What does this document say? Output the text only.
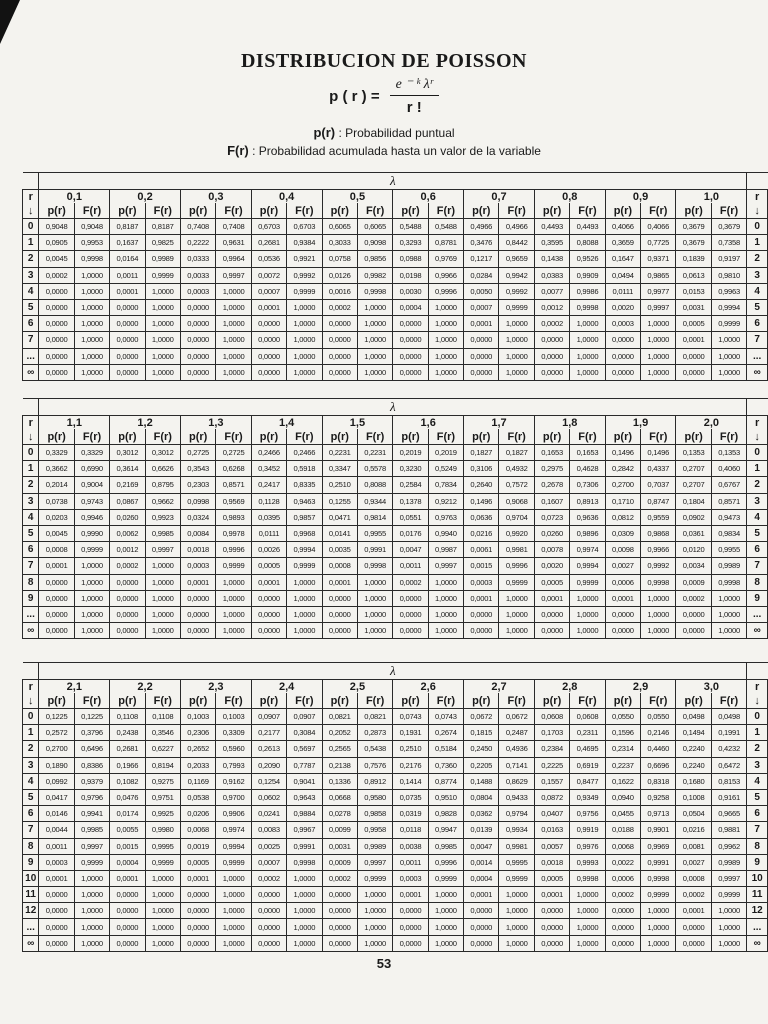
DISTRIBUCION DE POISSON
p ( r ) = $\frac{\text{e ⁻ ᵏ λʳ}}{r !}$
p(r) : Probabilidad puntual
F(r) : Probabilidad acumulada hasta un valor de la variable
	λ																				
r	0,1		0,2		0,3		0,4		0,5		0,6		0,7		0,8		0,9		1,0		r
↓	p(r)	F(r)	p(r)	F(r)	p(r)	F(r)	p(r)	F(r)	p(r)	F(r)	p(r)	F(r)	p(r)	F(r)	p(r)	F(r)	p(r)	F(r)	p(r)	F(r)	↓
0	0,9048	0,9048	0,8187	0,8187	0,7408	0,7408	0,6703	0,6703	0,6065	0,6065	0,5488	0,5488	0,4966	0,4966	0,4493	0,4493	0,4066	0,4066	0,3679	0,3679	0
1	0,0905	0,9953	0,1637	0,9825	0,2222	0,9631	0,2681	0,9384	0,3033	0,9098	0,3293	0,8781	0,3476	0,8442	0,3595	0,8088	0,3659	0,7725	0,3679	0,7358	1
2	0,0045	0,9998	0,0164	0,9989	0,0333	0,9964	0,0536	0,9921	0,0758	0,9856	0,0988	0,9769	0,1217	0,9659	0,1438	0,9526	0,1647	0,9371	0,1839	0,9197	2
3	0,0002	1,0000	0,0011	0,9999	0,0033	0,9997	0,0072	0,9992	0,0126	0,9982	0,0198	0,9966	0,0284	0,9942	0,0383	0,9909	0,0494	0,9865	0,0613	0,9810	3
4	0,0000	1,0000	0,0001	1,0000	0,0003	1,0000	0,0007	0,9999	0,0016	0,9998	0,0030	0,9996	0,0050	0,9992	0,0077	0,9986	0,0111	0,9977	0,0153	0,9963	4
5	0,0000	1,0000	0,0000	1,0000	0,0000	1,0000	0,0001	1,0000	0,0002	1,0000	0,0004	1,0000	0,0007	0,9999	0,0012	0,9998	0,0020	0,9997	0,0031	0,9994	5
6	0,0000	1,0000	0,0000	1,0000	0,0000	1,0000	0,0000	1,0000	0,0000	1,0000	0,0000	1,0000	0,0001	1,0000	0,0002	1,0000	0,0003	1,0000	0,0005	0,9999	6
7	0,0000	1,0000	0,0000	1,0000	0,0000	1,0000	0,0000	1,0000	0,0000	1,0000	0,0000	1,0000	0,0000	1,0000	0,0000	1,0000	0,0000	1,0000	0,0001	1,0000	7
...	0,0000	1,0000	0,0000	1,0000	0,0000	1,0000	0,0000	1,0000	0,0000	1,0000	0,0000	1,0000	0,0000	1,0000	0,0000	1,0000	0,0000	1,0000	0,0000	1,0000	...
∞	0,0000	1,0000	0,0000	1,0000	0,0000	1,0000	0,0000	1,0000	0,0000	1,0000	0,0000	1,0000	0,0000	1,0000	0,0000	1,0000	0,0000	1,0000	0,0000	1,0000	∞
	λ																				
r	1,1		1,2		1,3		1,4		1,5		1,6		1,7		1,8		1,9		2,0		r
↓	p(r)	F(r)	p(r)	F(r)	p(r)	F(r)	p(r)	F(r)	p(r)	F(r)	p(r)	F(r)	p(r)	F(r)	p(r)	F(r)	p(r)	F(r)	p(r)	F(r)	↓
0	0,3329	0,3329	0,3012	0,3012	0,2725	0,2725	0,2466	0,2466	0,2231	0,2231	0,2019	0,2019	0,1827	0,1827	0,1653	0,1653	0,1496	0,1496	0,1353	0,1353	0
1	0,3662	0,6990	0,3614	0,6626	0,3543	0,6268	0,3452	0,5918	0,3347	0,5578	0,3230	0,5249	0,3106	0,4932	0,2975	0,4628	0,2842	0,4337	0,2707	0,4060	1
2	0,2014	0,9004	0,2169	0,8795	0,2303	0,8571	0,2417	0,8335	0,2510	0,8088	0,2584	0,7834	0,2640	0,7572	0,2678	0,7306	0,2700	0,7037	0,2707	0,6767	2
3	0,0738	0,9743	0,0867	0,9662	0,0998	0,9569	0,1128	0,9463	0,1255	0,9344	0,1378	0,9212	0,1496	0,9068	0,1607	0,8913	0,1710	0,8747	0,1804	0,8571	3
4	0,0203	0,9946	0,0260	0,9923	0,0324	0,9893	0,0395	0,9857	0,0471	0,9814	0,0551	0,9763	0,0636	0,9704	0,0723	0,9636	0,0812	0,9559	0,0902	0,9473	4
5	0,0045	0,9990	0,0062	0,9985	0,0084	0,9978	0,0111	0,9968	0,0141	0,9955	0,0176	0,9940	0,0216	0,9920	0,0260	0,9896	0,0309	0,9868	0,0361	0,9834	5
6	0,0008	0,9999	0,0012	0,9997	0,0018	0,9996	0,0026	0,9994	0,0035	0,9991	0,0047	0,9987	0,0061	0,9981	0,0078	0,9974	0,0098	0,9966	0,0120	0,9955	6
7	0,0001	1,0000	0,0002	1,0000	0,0003	0,9999	0,0005	0,9999	0,0008	0,9998	0,0011	0,9997	0,0015	0,9996	0,0020	0,9994	0,0027	0,9992	0,0034	0,9989	7
8	0,0000	1,0000	0,0000	1,0000	0,0001	1,0000	0,0001	1,0000	0,0001	1,0000	0,0002	1,0000	0,0003	0,9999	0,0005	0,9999	0,0006	0,9998	0,0009	0,9998	8
9	0,0000	1,0000	0,0000	1,0000	0,0000	1,0000	0,0000	1,0000	0,0000	1,0000	0,0000	1,0000	0,0001	1,0000	0,0001	1,0000	0,0001	1,0000	0,0002	1,0000	9
...	0,0000	1,0000	0,0000	1,0000	0,0000	1,0000	0,0000	1,0000	0,0000	1,0000	0,0000	1,0000	0,0000	1,0000	0,0000	1,0000	0,0000	1,0000	0,0000	1,0000	...
∞	0,0000	1,0000	0,0000	1,0000	0,0000	1,0000	0,0000	1,0000	0,0000	1,0000	0,0000	1,0000	0,0000	1,0000	0,0000	1,0000	0,0000	1,0000	0,0000	1,0000	∞
	λ																				
r	2,1		2,2		2,3		2,4		2,5		2,6		2,7		2,8		2,9		3,0		r
↓	p(r)	F(r)	p(r)	F(r)	p(r)	F(r)	p(r)	F(r)	p(r)	F(r)	p(r)	F(r)	p(r)	F(r)	p(r)	F(r)	p(r)	F(r)	p(r)	F(r)	↓
0	0,1225	0,1225	0,1108	0,1108	0,1003	0,1003	0,0907	0,0907	0,0821	0,0821	0,0743	0,0743	0,0672	0,0672	0,0608	0,0608	0,0550	0,0550	0,0498	0,0498	0
1	0,2572	0,3796	0,2438	0,3546	0,2306	0,3309	0,2177	0,3084	0,2052	0,2873	0,1931	0,2674	0,1815	0,2487	0,1703	0,2311	0,1596	0,2146	0,1494	0,1991	1
2	0,2700	0,6496	0,2681	0,6227	0,2652	0,5960	0,2613	0,5697	0,2565	0,5438	0,2510	0,5184	0,2450	0,4936	0,2384	0,4695	0,2314	0,4460	0,2240	0,4232	2
3	0,1890	0,8386	0,1966	0,8194	0,2033	0,7993	0,2090	0,7787	0,2138	0,7576	0,2176	0,7360	0,2205	0,7141	0,2225	0,6919	0,2237	0,6696	0,2240	0,6472	3
4	0,0992	0,9379	0,1082	0,9275	0,1169	0,9162	0,1254	0,9041	0,1336	0,8912	0,1414	0,8774	0,1488	0,8629	0,1557	0,8477	0,1622	0,8318	0,1680	0,8153	4
5	0,0417	0,9796	0,0476	0,9751	0,0538	0,9700	0,0602	0,9643	0,0668	0,9580	0,0735	0,9510	0,0804	0,9433	0,0872	0,9349	0,0940	0,9258	0,1008	0,9161	5
6	0,0146	0,9941	0,0174	0,9925	0,0206	0,9906	0,0241	0,9884	0,0278	0,9858	0,0319	0,9828	0,0362	0,9794	0,0407	0,9756	0,0455	0,9713	0,0504	0,9665	6
7	0,0044	0,9985	0,0055	0,9980	0,0068	0,9974	0,0083	0,9967	0,0099	0,9958	0,0118	0,9947	0,0139	0,9934	0,0163	0,9919	0,0188	0,9901	0,0216	0,9881	7
8	0,0011	0,9997	0,0015	0,9995	0,0019	0,9994	0,0025	0,9991	0,0031	0,9989	0,0038	0,9985	0,0047	0,9981	0,0057	0,9976	0,0068	0,9969	0,0081	0,9962	8
9	0,0003	0,9999	0,0004	0,9999	0,0005	0,9999	0,0007	0,9998	0,0009	0,9997	0,0011	0,9996	0,0014	0,9995	0,0018	0,9993	0,0022	0,9991	0,0027	0,9989	9
10	0,0001	1,0000	0,0001	1,0000	0,0001	1,0000	0,0002	1,0000	0,0002	0,9999	0,0003	0,9999	0,0004	0,9999	0,0005	0,9998	0,0006	0,9998	0,0008	0,9997	10
11	0,0000	1,0000	0,0000	1,0000	0,0000	1,0000	0,0000	1,0000	0,0000	1,0000	0,0001	1,0000	0,0001	1,0000	0,0001	1,0000	0,0002	0,9999	0,0002	0,9999	11
12	0,0000	1,0000	0,0000	1,0000	0,0000	1,0000	0,0000	1,0000	0,0000	1,0000	0,0000	1,0000	0,0000	1,0000	0,0000	1,0000	0,0000	1,0000	0,0001	1,0000	12
...	0,0000	1,0000	0,0000	1,0000	0,0000	1,0000	0,0000	1,0000	0,0000	1,0000	0,0000	1,0000	0,0000	1,0000	0,0000	1,0000	0,0000	1,0000	0,0000	1,0000	...
∞	0,0000	1,0000	0,0000	1,0000	0,0000	1,0000	0,0000	1,0000	0,0000	1,0000	0,0000	1,0000	0,0000	1,0000	0,0000	1,0000	0,0000	1,0000	0,0000	1,0000	∞
53
